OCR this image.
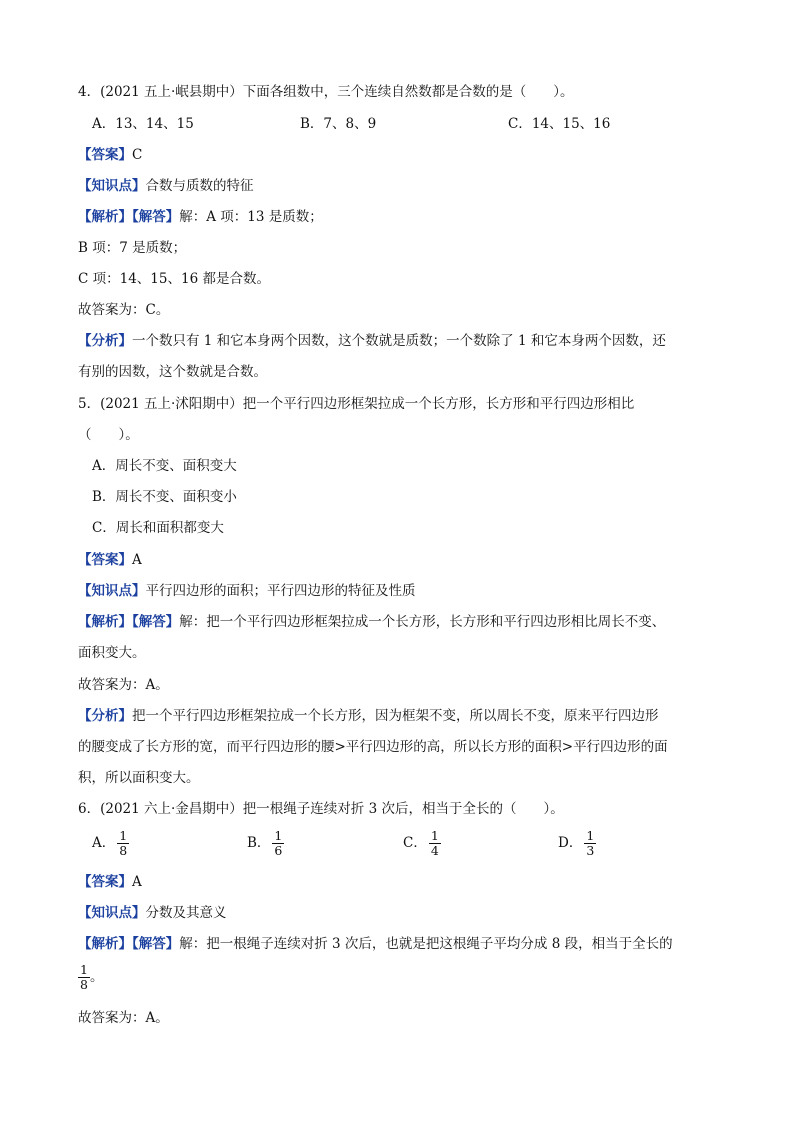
4．(2021 五上·岷县期中）下面各组数中，三个连续自然数都是合数的是（　　）。
A．13、14、15	B．7、8、9	C．14、15、16
【答案】C
【知识点】合数与质数的特征
【解析】【解答】解：A 项：13 是质数；
B 项：7 是质数；
C 项：14、15、16 都是合数。
故答案为：C。
【分析】一个数只有 1 和它本身两个因数，这个数就是质数；一个数除了 1 和它本身两个因数，还
有别的因数，这个数就是合数。
5．(2021 五上·沭阳期中）把一个平行四边形框架拉成一个长方形，长方形和平行四边形相比
（　　）。
A．周长不变、面积变大
B．周长不变、面积变小
C．周长和面积都变大
【答案】A
【知识点】平行四边形的面积；平行四边形的特征及性质
【解析】【解答】解：把一个平行四边形框架拉成一个长方形，长方形和平行四边形相比周长不变、
面积变大。
故答案为：A。
【分析】把一个平行四边形框架拉成一个长方形，因为框架不变，所以周长不变，原来平行四边形
的腰变成了长方形的宽，而平行四边形的腰>平行四边形的高，所以长方形的面积>平行四边形的面
积，所以面积变大。
6．(2021 六上·金昌期中）把一根绳子连续对折 3 次后，相当于全长的（　　）。
A． $\frac{1}{8}$	B． $\frac{1}{6}$	C． $\frac{1}{4}$	D． $\frac{1}{3}$
【答案】A
【知识点】分数及其意义
【解析】【解答】解：把一根绳子连续对折 3 次后，也就是把这根绳子平均分成 8 段，相当于全长的
$\frac{1}{8}$ 。
故答案为：A。
